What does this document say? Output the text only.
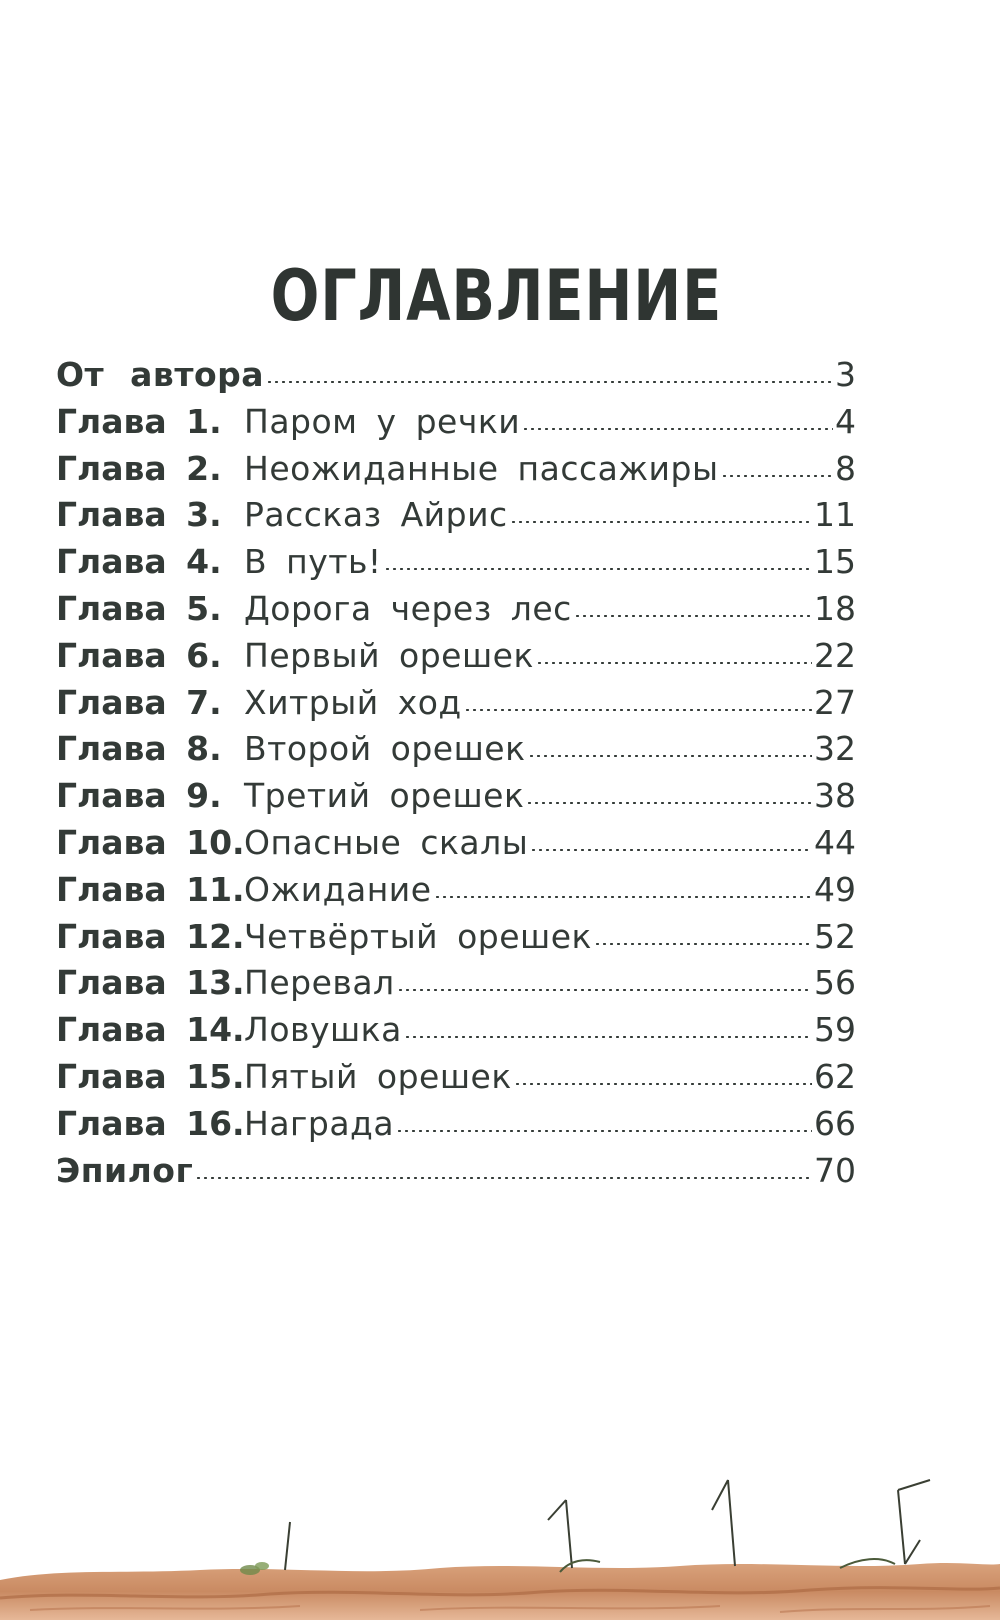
ОГЛАВЛЕНИЕ
От автора	3
Глава 1. Паром у речки	4
Глава 2. Неожиданные пассажиры	8
Глава 3. Рассказ Айрис	11
Глава 4. В путь!	15
Глава 5. Дорога через лес	18
Глава 6. Первый орешек	22
Глава 7. Хитрый ход	27
Глава 8. Второй орешек	32
Глава 9. Третий орешек	38
Глава 10. Опасные скалы	44
Глава 11. Ожидание	49
Глава 12. Четвёртый орешек	52
Глава 13. Перевал	56
Глава 14. Ловушка	59
Глава 15. Пятый орешек	62
Глава 16. Награда	66
Эпилог	70
